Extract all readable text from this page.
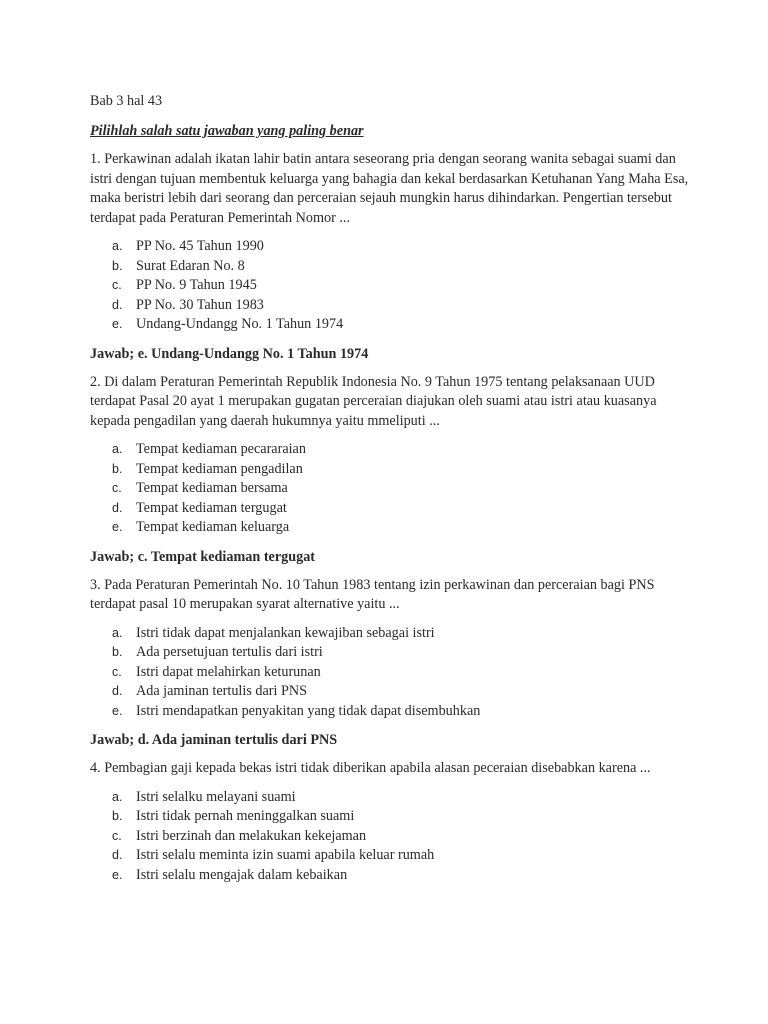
Bab 3 hal 43

Pilihlah salah satu jawaban yang paling benar

1. Perkawinan adalah ikatan lahir batin antara seseorang pria dengan seorang wanita sebagai suami dan istri dengan tujuan membentuk keluarga yang bahagia dan kekal berdasarkan Ketuhanan Yang Maha Esa, maka beristri lebih dari seorang dan perceraian sejauh mungkin harus dihindarkan. Pengertian tersebut terdapat pada Peraturan Pemerintah Nomor ...

a. PP No. 45 Tahun 1990
b. Surat Edaran No. 8
c. PP No. 9 Tahun 1945
d. PP No. 30 Tahun 1983
e. Undang-Undangg No. 1 Tahun 1974

Jawab; e. Undang-Undangg No. 1 Tahun 1974

2. Di dalam Peraturan Pemerintah Republik Indonesia No. 9 Tahun 1975 tentang pelaksanaan UUD terdapat Pasal 20 ayat 1 merupakan gugatan perceraian diajukan oleh suami atau istri atau kuasanya kepada pengadilan yang daerah hukumnya yaitu mmeliputi ...

a. Tempat kediaman pecararaian
b. Tempat kediaman pengadilan
c. Tempat kediaman bersama
d. Tempat kediaman tergugat
e. Tempat kediaman keluarga

Jawab; c. Tempat kediaman tergugat

3. Pada Peraturan Pemerintah No. 10 Tahun 1983 tentang izin perkawinan dan perceraian bagi PNS terdapat pasal 10 merupakan syarat alternative yaitu ...

a. Istri tidak dapat menjalankan kewajiban sebagai istri
b. Ada persetujuan tertulis dari istri
c. Istri dapat melahirkan keturunan
d. Ada jaminan tertulis dari PNS
e. Istri mendapatkan penyakitan yang tidak dapat disembuhkan

Jawab; d. Ada jaminan tertulis dari PNS

4. Pembagian gaji kepada bekas istri tidak diberikan apabila alasan peceraian disebabkan karena ...

a. Istri selalku melayani suami
b. Istri tidak pernah meninggalkan suami
c. Istri berzinah dan melakukan kekejaman
d. Istri selalu meminta izin suami apabila keluar rumah
e. Istri selalu mengajak dalam kebaikan
